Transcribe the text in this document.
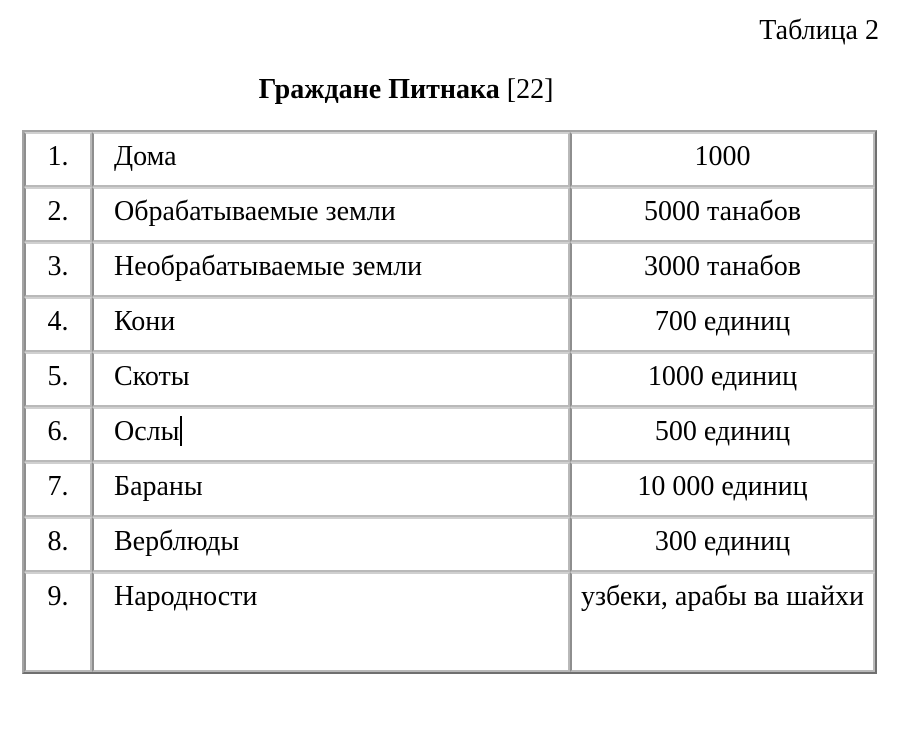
Таблица 2
Граждане Питнака [22]
1.	Дома	1000
2.	Обрабатываемые земли	5000 танабов
3.	Необрабатываемые земли	3000 танабов
4.	Кони	700 единиц
5.	Скоты	1000 единиц
6.	Ослы	500 единиц
7.	Бараны	10 000 единиц
8.	Верблюды	300 единиц
9.	Народности	узбеки, арабы ва шайхи
